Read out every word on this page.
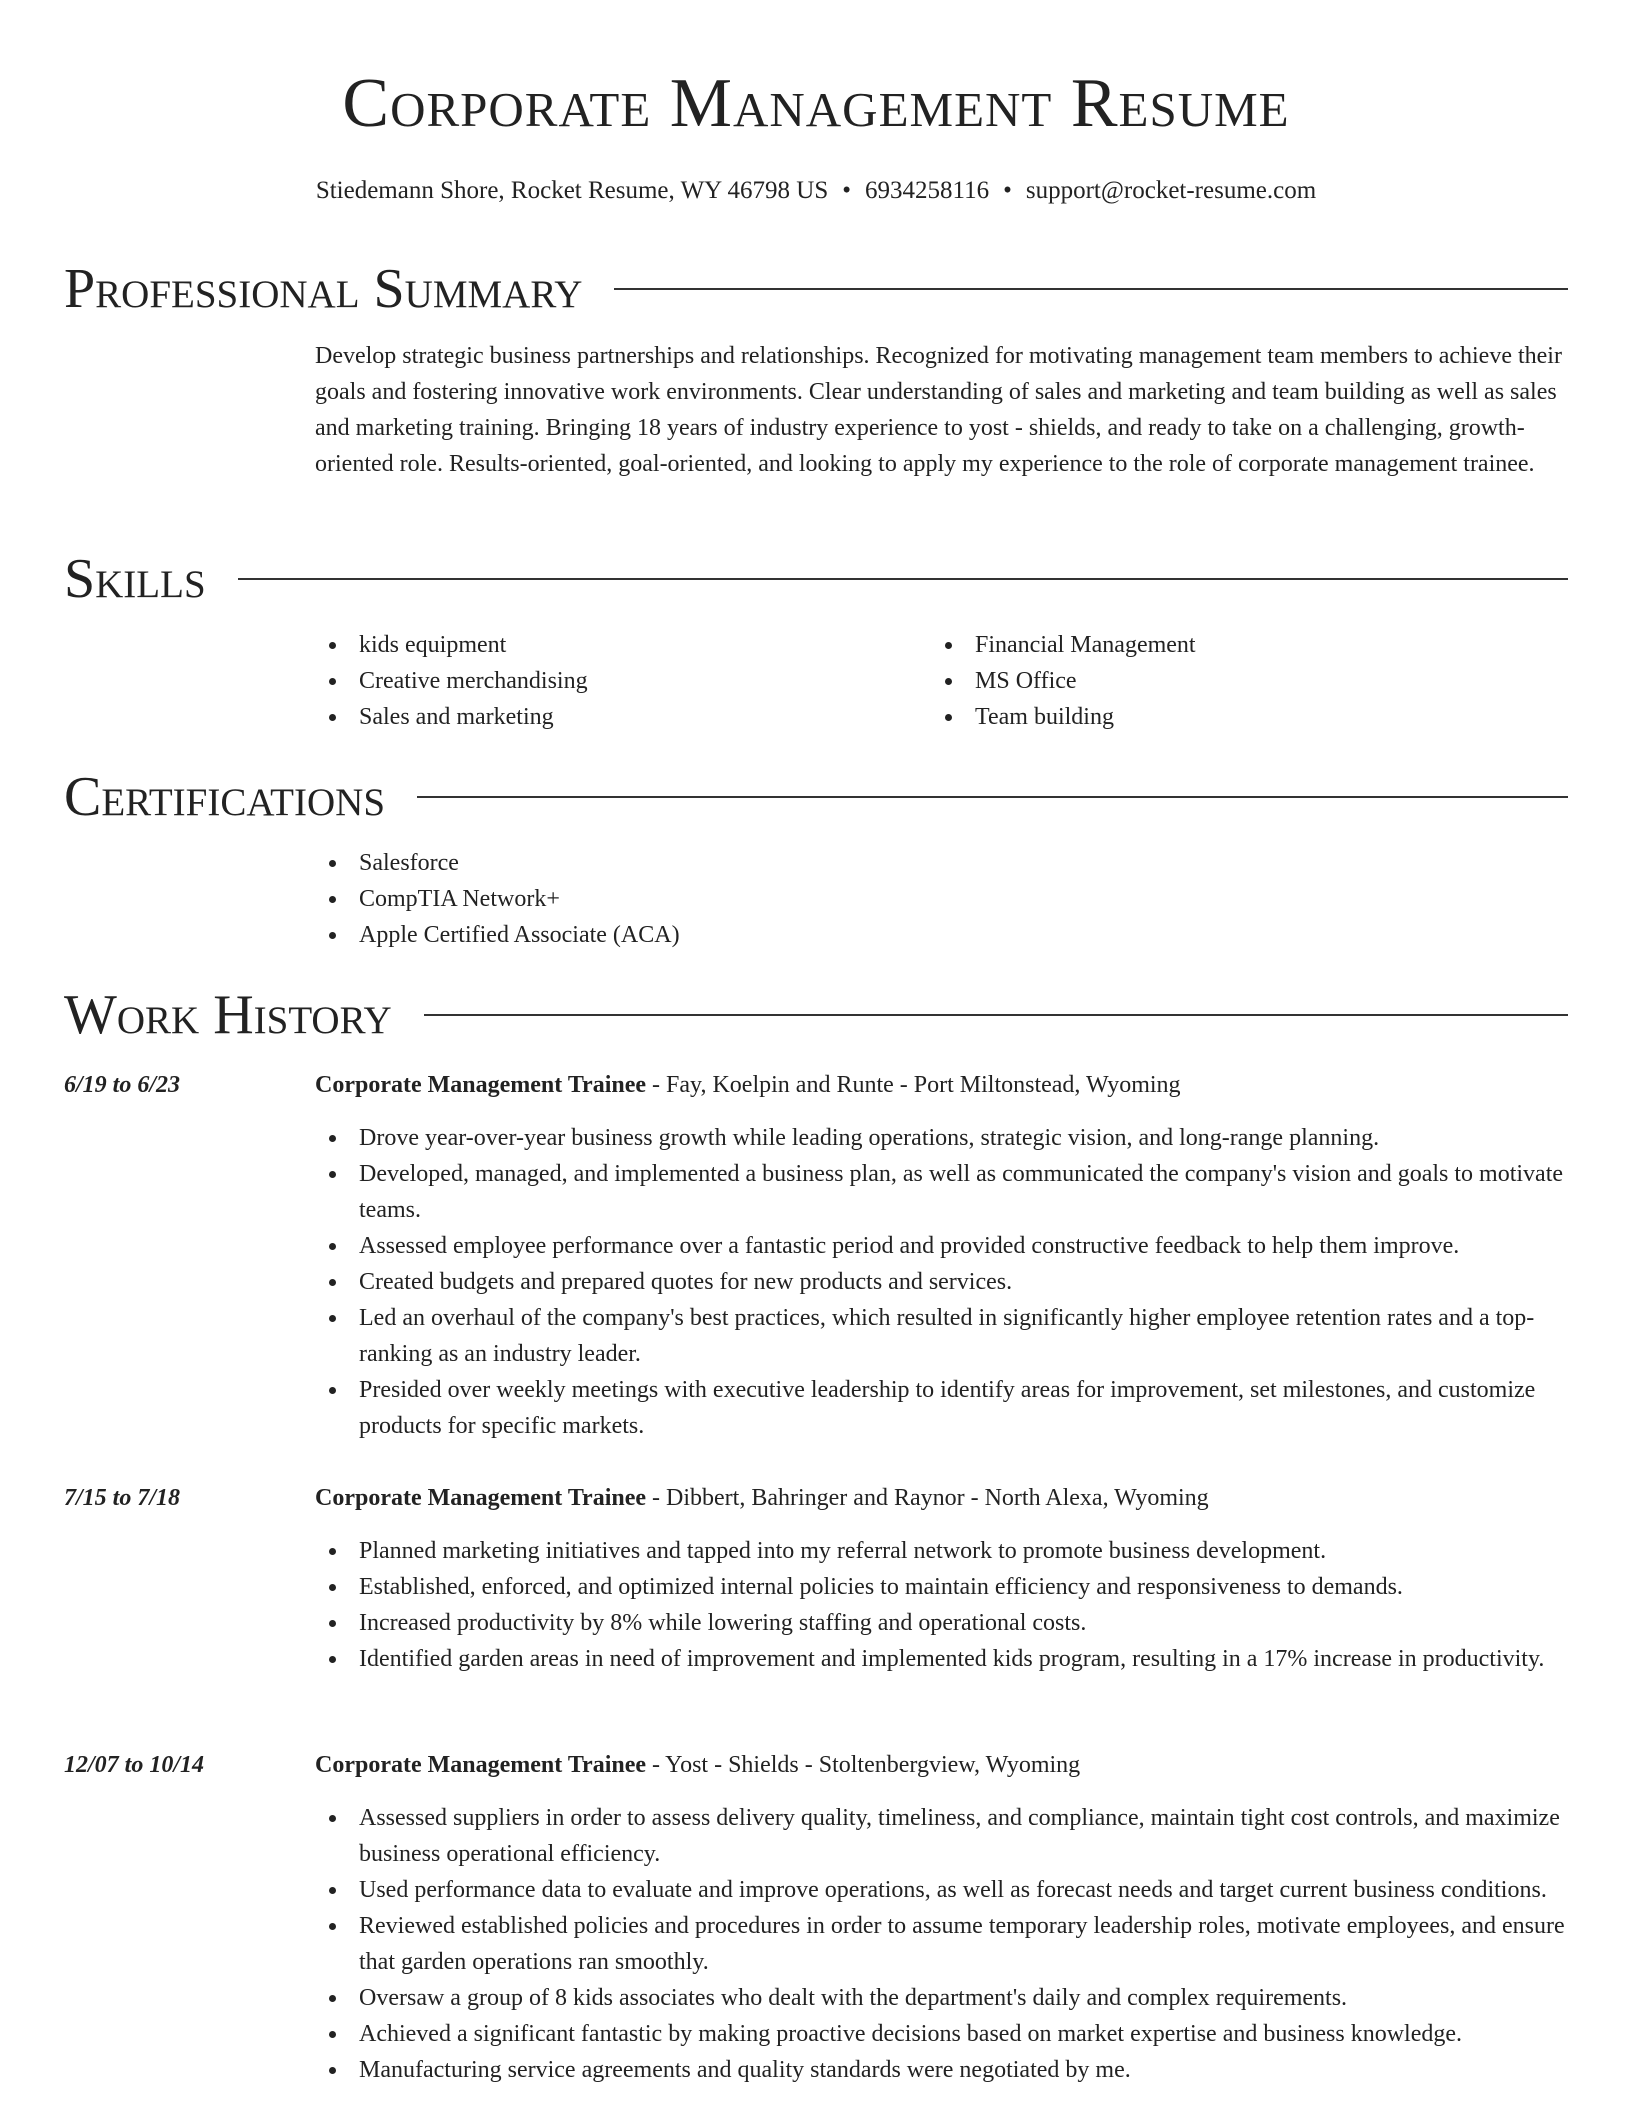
Corporate Management Resume
Stiedemann Shore, Rocket Resume, WY 46798 US • 6934258116 • support@rocket-resume.com
Professional Summary

Develop strategic business partnerships and relationships. Recognized for motivating management team members to achieve their goals and fostering innovative work environments. Clear understanding of sales and marketing and team building as well as sales and marketing training. Bringing 18 years of industry experience to yost - shields, and ready to take on a challenging, growth-oriented role. Results-oriented, goal-oriented, and looking to apply my experience to the role of corporate management trainee.

Skills
kids equipment
Creative merchandising
Sales and marketing
Financial Management
MS Office
Team building
Certifications
Salesforce
CompTIA Network+
Apple Certified Associate (ACA)
Work History
6/19 to 6/23	Corporate Management Trainee - Fay, Koelpin and Runte - Port Miltonstead, Wyoming
Drove year-over-year business growth while leading operations, strategic vision, and long-range planning.
Developed, managed, and implemented a business plan, as well as communicated the company's vision and goals to motivate teams.
Assessed employee performance over a fantastic period and provided constructive feedback to help them improve.
Created budgets and prepared quotes for new products and services.
Led an overhaul of the company's best practices, which resulted in significantly higher employee retention rates and a top-ranking as an industry leader.
Presided over weekly meetings with executive leadership to identify areas for improvement, set milestones, and customize products for specific markets.
7/15 to 7/18	Corporate Management Trainee - Dibbert, Bahringer and Raynor - North Alexa, Wyoming
Planned marketing initiatives and tapped into my referral network to promote business development.
Established, enforced, and optimized internal policies to maintain efficiency and responsiveness to demands.
Increased productivity by 8% while lowering staffing and operational costs.
Identified garden areas in need of improvement and implemented kids program, resulting in a 17% increase in productivity.
12/07 to 10/14	Corporate Management Trainee - Yost - Shields - Stoltenbergview, Wyoming
Assessed suppliers in order to assess delivery quality, timeliness, and compliance, maintain tight cost controls, and maximize business operational efficiency.
Used performance data to evaluate and improve operations, as well as forecast needs and target current business conditions.
Reviewed established policies and procedures in order to assume temporary leadership roles, motivate employees, and ensure that garden operations ran smoothly.
Oversaw a group of 8 kids associates who dealt with the department's daily and complex requirements.
Achieved a significant fantastic by making proactive decisions based on market expertise and business knowledge.
Manufacturing service agreements and quality standards were negotiated by me.
